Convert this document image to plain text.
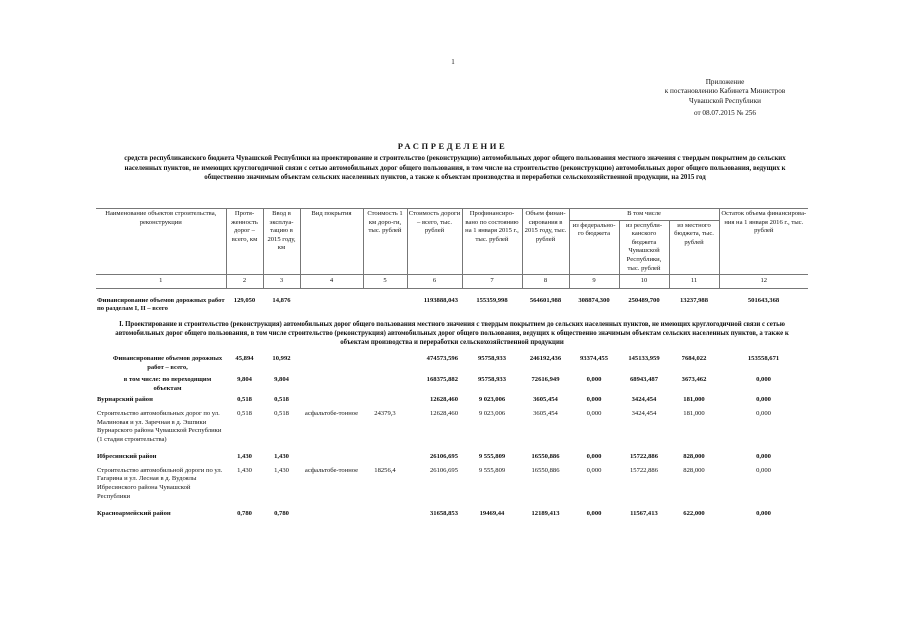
1
Приложение
к постановлению Кабинета Министров
Чувашской Республики
от 08.07.2015 № 256
РАСПРЕДЕЛЕНИЕ
средств республиканского бюджета Чувашской Республики на проектирование и строительство (реконструкцию) автомобильных дорог общего пользования местного значения с твердым покрытием до сельских населенных пунктов, не имеющих круглогодичной связи с сетью автомобильных дорог общего пользования, в том числе на строительство (реконструкцию) автомобильных дорог общего пользования, ведущих к общественно значимым объектам сельских населенных пунктов, а также к объектам производства и переработки сельскохозяйственной продукции, на 2015 год
Наименование объектов строительства, реконструкции	Протя-женность дорог – всего, км	Ввод в эксплуа-тацию в 2015 году, км	Вид покрытия	Стоимость 1 км доро-ги, тыс. рублей	Стоимость дороги – всего, тыс. рублей	Профинансиро-вано по состоянию на 1 января 2015 г., тыс. рублей	Объем финан-сирования в 2015 году, тыс. рублей	В том числе			Остаток объема финансирова-ния на 1 января 2016 г., тыс. рублей
								из федерально-го бюджета	из республи-канского бюджета Чувашской Республики, тыс. рублей	из местного бюджета, тыс. рублей	
1	2	3	4	5	6	7	8	9	10	11	12

Финансирование объемов дорожных работ по разделам I, II – всего	129,050	14,876			1193888,043	155359,998	564601,988	308874,300	250489,700	13237,988	501643,368
I. Проектирование и строительство (реконструкция) автомобильных дорог общего пользования местного значения с твердым покрытием до сельских населенных пунктов, не имеющих круглогодичной связи с сетью автомобильных дорог общего пользования, в том числе строительство (реконструкция) автомобильных дорог общего пользования, ведущих к общественно значимым объектам сельских населенных пунктов, а также к объектам производства и переработки сельскохозяйственной продукции											
Финансирование объемов дорожных работ – всего,	45,894	10,992			474573,596	95758,933	246192,436	93374,455	145133,959	7684,022	153558,671
в том числе: по переходящим объектам	9,804	9,804			168375,882	95758,933	72616,949	0,000	68943,487	3673,462	0,000
Вурнарский район	0,518	0,518			12628,460	9 023,006	3605,454	0,000	3424,454	181,000	0,000
Строительство автомобильных дорог по ул. Малиновая и ул. Заречная в д. Эшпики Вурнарского района Чувашской Республики (1 стадия строительства)	0,518	0,518	асфальтобе-тонное	24379,3	12628,460	9 023,006	3605,454	0,000	3424,454	181,000	0,000
Ибресинский район	1,430	1,430			26106,695	9 555,809	16550,886	0,000	15722,886	828,000	0,000
Строительство автомобильной дороги по ул. Гагарина и ул. Лесная в д. Вудоялы Ибресинского района Чувашской Республики	1,430	1,430	асфальтобе-тонное	18256,4	26106,695	9 555,809	16550,886	0,000	15722,886	828,000	0,000
Красноармейский район	0,780	0,780			31658,853	19469,44	12189,413	0,000	11567,413	622,000	0,000
